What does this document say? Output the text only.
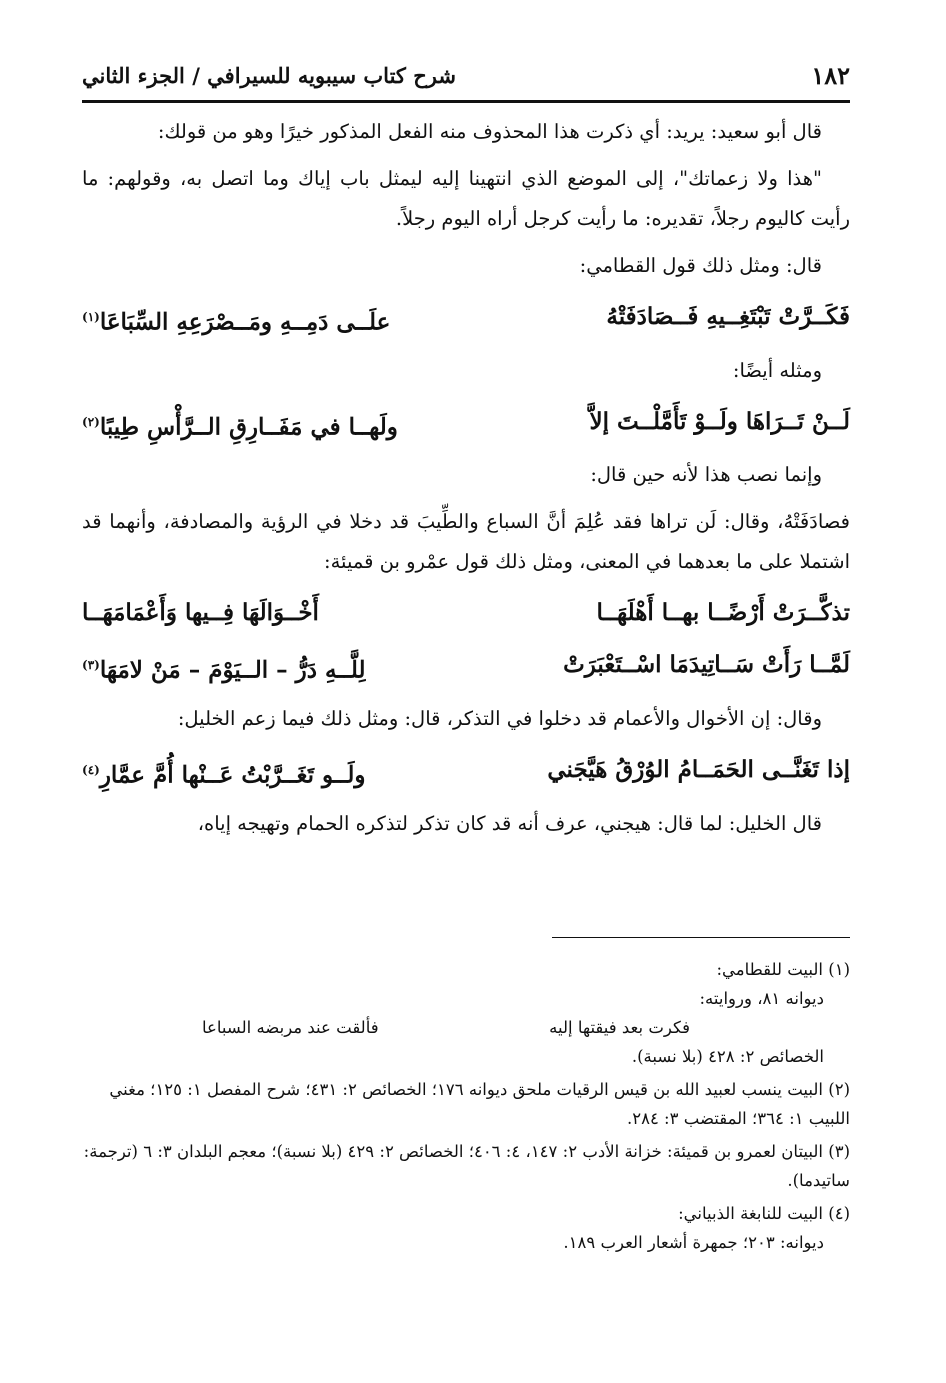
شرح كتاب سيبويه للسيرافي / الجزء الثاني	١٨٢

قال أبو سعيد: يريد: أي ذكرت هذا المحذوف منه الفعل المذكور خيرًا وهو من قولك:

"هذا ولا زعماتك"، إلى الموضع الذي انتهينا إليه ليمثل باب إياك وما اتصل به، وقولهم: ما رأيت كاليوم رجلاً، تقديره: ما رأيت كرجل أراه اليوم رجلاً.

قال: ومثل ذلك قول القطامي:

فَكَــرَّتْ تَبْتَغِــيهِ فَــصَادَفَتْهُ
علَــى دَمِــهِ ومَــصْرَعِهِ السِّبَاعَا$^{(١)}$

ومثله أيضًا:

لَــنْ تَــرَاهَا ولَــوْ تَأَمَّلْــتَ إلاَّ
ولَهــا في مَفَــارِقِ الــرَّأْسِ طِيبًا$^{(٢)}$

وإنما نصب هذا لأنه حين قال:

فصادَفَتْهُ، وقال: لَن تراها فقد عُلِمَ أنَّ السباع والطِّيبَ قد دخلا في الرؤية والمصادفة، وأنهما قد اشتملا على ما بعدهما في المعنى، ومثل ذلك قول عمْرو بن قميئة:

تذكَّــرَتْ أَرْضًــا بهــا أَهْلَهَــا
أَخْــوَالَهَا فِــيها وَأَعْمَامَهَــا
لَمَّــا رَأَتْ سَــاتِيدَمَا اسْــتَعْبَرَتْ
لِلَّــهِ دَرُّ – الــيَوْمَ – مَنْ لامَهَا$^{(٣)}$

وقال: إن الأخوال والأعمام قد دخلوا في التذكر، قال: ومثل ذلك فيما زعم الخليل:

إذا تَغَنَّــى الحَمَــامُ الوُرْقُ هَيَّجَني
ولَــو تَغَــرَّبْتُ عَــنْها أُمَّ عمَّارِ$^{(٤)}$

قال الخليل: لما قال: هيجني، عرف أنه قد كان تذكر لتذكره الحمام وتهيجه إياه،

(١) البيت للقطامي:
ديوانه ٨١، وروايته:
فكرت بعد فيقتها إليه
فألقت عند مربضه السباعا
الخصائص ٢: ٤٢٨ (بلا نسبة).
(٢) البيت ينسب لعبيد الله بن قيس الرقيات ملحق ديوانه ١٧٦؛ الخصائص ٢: ٤٣١؛ شرح المفصل ١: ١٢٥؛ مغني اللبيب ١: ٣٦٤؛ المقتضب ٣: ٢٨٤.
(٣) البيتان لعمرو بن قميئة: خزانة الأدب ٢: ١٤٧، ٤: ٤٠٦؛ الخصائص ٢: ٤٢٩ (بلا نسبة)؛ معجم البلدان ٣: ٦ (ترجمة: ساتيدما).
(٤) البيت للنابغة الذبياني:
ديوانه: ٢٠٣؛ جمهرة أشعار العرب ١٨٩.
